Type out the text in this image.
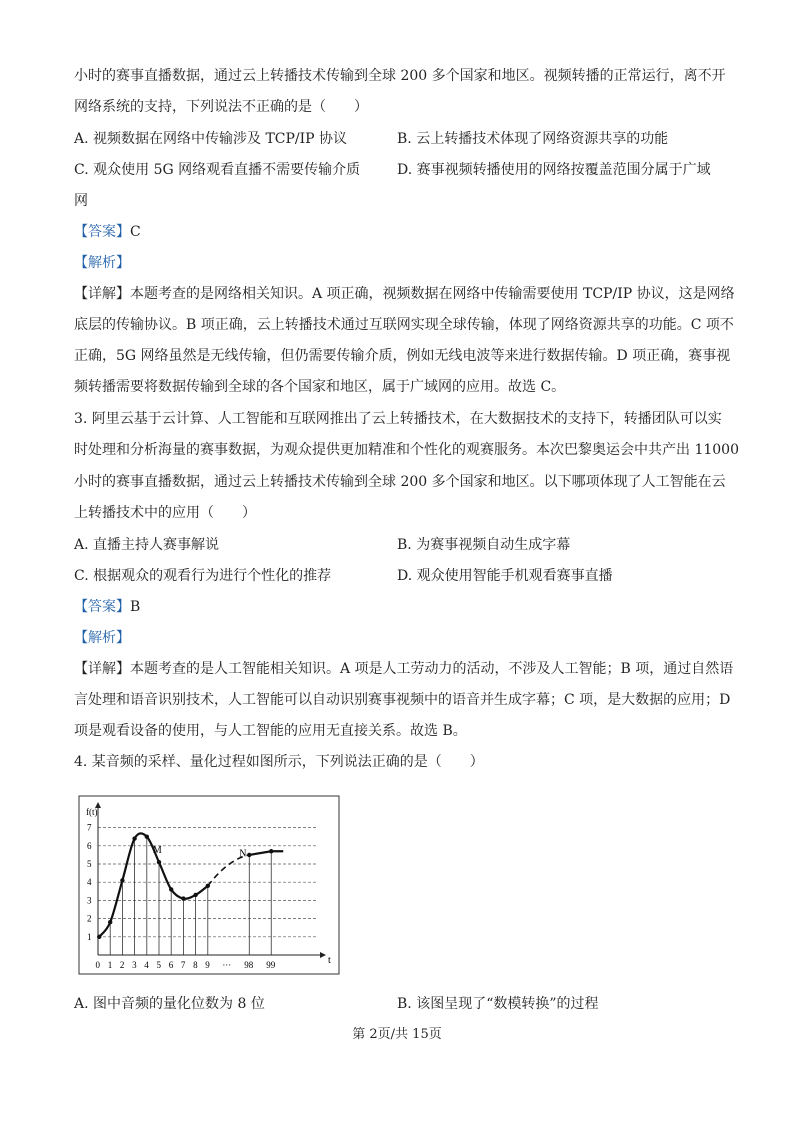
小时的赛事直播数据，通过云上转播技术传输到全球 200 多个国家和地区。视频转播的正常运行，离不开
网络系统的支持，下列说法不正确的是（　　）
A. 视频数据在网络中传输涉及 TCP/IP 协议	B. 云上转播技术体现了网络资源共享的功能
C. 观众使用 5G 网络观看直播不需要传输介质	D. 赛事视频转播使用的网络按覆盖范围分属于广域
网
【答案】C
【解析】
【详解】本题考查的是网络相关知识。A 项正确，视频数据在网络中传输需要使用 TCP/IP 协议，这是网络
底层的传输协议。B 项正确，云上转播技术通过互联网实现全球传输，体现了网络资源共享的功能。C 项不
正确，5G 网络虽然是无线传输，但仍需要传输介质，例如无线电波等来进行数据传输。D 项正确，赛事视
频转播需要将数据传输到全球的各个国家和地区，属于广域网的应用。故选 C。
3. 阿里云基于云计算、人工智能和互联网推出了云上转播技术，在大数据技术的支持下，转播团队可以实
时处理和分析海量的赛事数据，为观众提供更加精准和个性化的观赛服务。本次巴黎奥运会中共产出 11000
小时的赛事直播数据，通过云上转播技术传输到全球 200 多个国家和地区。以下哪项体现了人工智能在云
上转播技术中的应用（　　）
A. 直播主持人赛事解说	B. 为赛事视频自动生成字幕
C. 根据观众的观看行为进行个性化的推荐	D. 观众使用智能手机观看赛事直播
【答案】B
【解析】
【详解】本题考查的是人工智能相关知识。A 项是人工劳动力的活动，不涉及人工智能；B 项，通过自然语
言处理和语音识别技术，人工智能可以自动识别赛事视频中的语音并生成字幕；C 项，是大数据的应用；D
项是观看设备的使用，与人工智能的应用无直接关系。故选 B。
4. 某音频的采样、量化过程如图所示，下列说法正确的是（　　）
1
2
3
4
5
6
7
0 1 2 3 4 5 6 7 8 9 ··· 98 99
f(t)
t
M	N
A. 图中音频的量化位数为 8 位	B. 该图呈现了“数模转换”的过程
第 2页/共 15页
